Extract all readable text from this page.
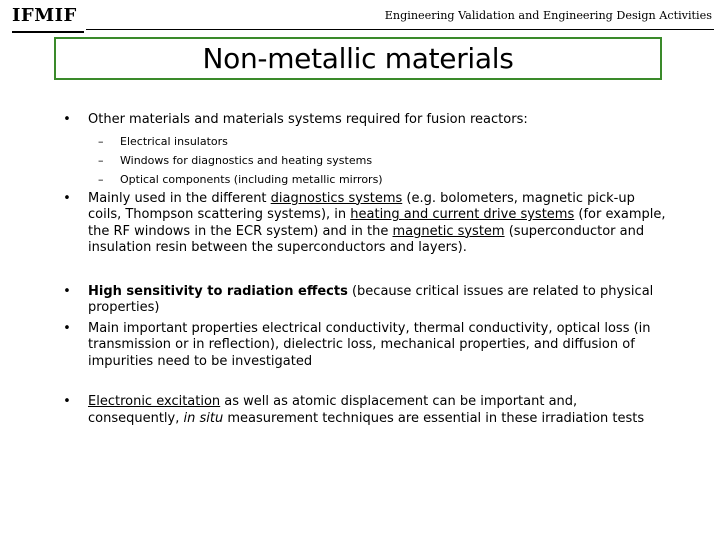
IFMIF	Engineering Validation and Engineering Design Activities
Non-metallic materials
• Other materials and materials systems required for fusion reactors:
– Electrical insulators
– Windows for diagnostics and heating systems
– Optical components (including metallic mirrors)
• Mainly used in the different diagnostics systems (e.g. bolometers, magnetic pick-up coils, Thompson scattering systems), in heating and current drive systems (for example, the RF windows in the ECR system) and in the magnetic system (superconductor and insulation resin between the superconductors and layers).
• High sensitivity to radiation effects (because critical issues are related to physical properties)
• Main important properties electrical conductivity, thermal conductivity, optical loss (in transmission or in reflection), dielectric loss, mechanical properties, and diffusion of impurities need to be investigated
• Electronic excitation as well as atomic displacement can be important and, consequently, in situ measurement techniques are essential in these irradiation tests
